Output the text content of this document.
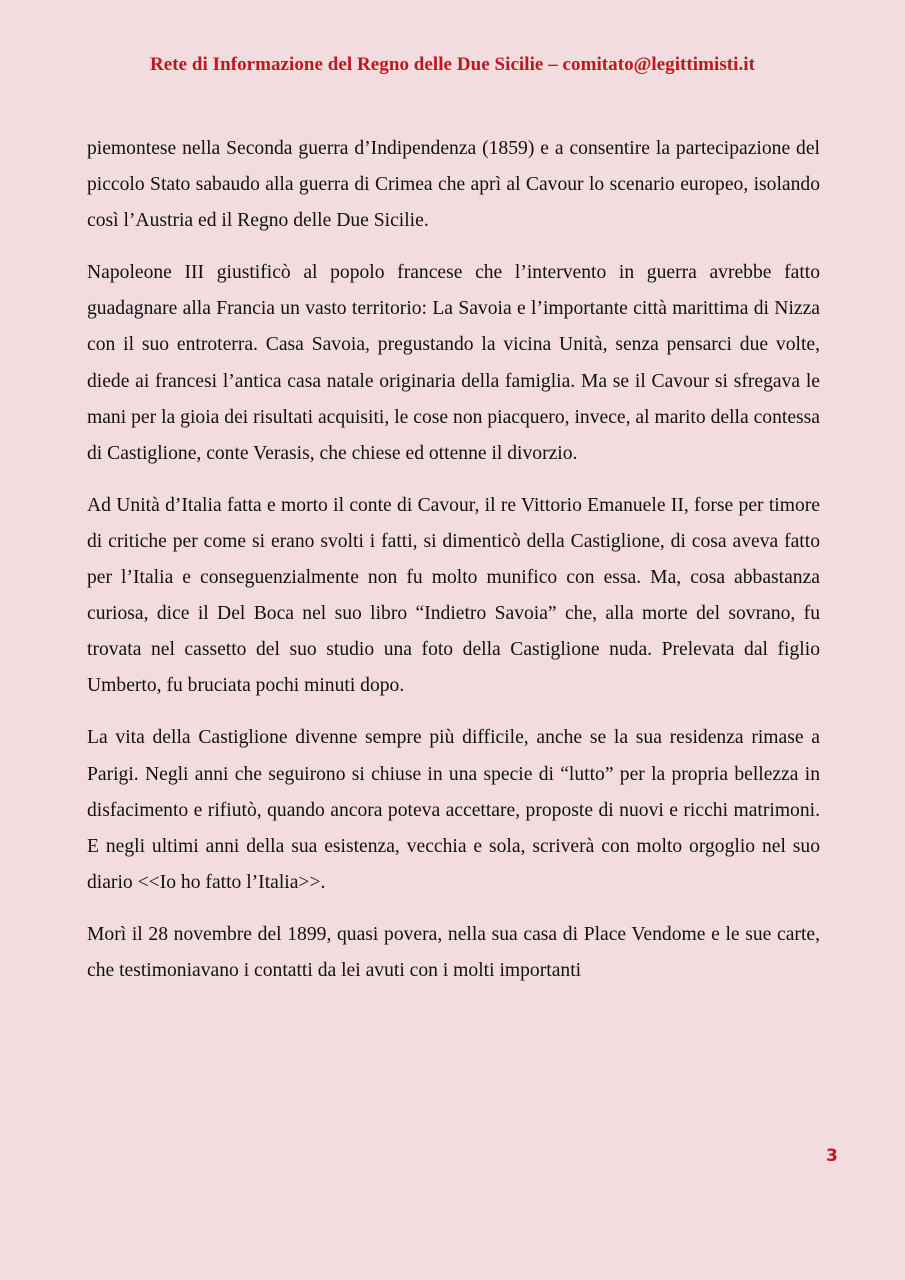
Rete di Informazione del Regno delle Due Sicilie – comitato@legittimisti.it

piemontese nella Seconda guerra d’Indipendenza (1859) e a consentire la partecipazione del piccolo Stato sabaudo alla guerra di Crimea che aprì al Cavour lo scenario europeo, isolando così l’Austria ed il Regno delle Due Sicilie.

Napoleone III giustificò al popolo francese che l’intervento in guerra avrebbe fatto guadagnare alla Francia un vasto territorio: La Savoia e l’importante città marittima di Nizza con il suo entroterra. Casa Savoia, pregustando la vicina Unità, senza pensarci due volte, diede ai francesi l’antica casa natale originaria della famiglia. Ma se il Cavour si sfregava le mani per la gioia dei risultati acquisiti, le cose non piacquero, invece, al marito della contessa di Castiglione, conte Verasis, che chiese ed ottenne il divorzio.

Ad Unità d’Italia fatta e morto il conte di Cavour, il re Vittorio Emanuele II, forse per timore di critiche per come si erano svolti i fatti, si dimenticò della Castiglione, di cosa aveva fatto per l’Italia e conseguenzialmente non fu molto munifico con essa. Ma, cosa abbastanza curiosa, dice il Del Boca nel suo libro “Indietro Savoia” che, alla morte del sovrano, fu trovata nel cassetto del suo studio una foto della Castiglione nuda. Prelevata dal figlio Umberto, fu bruciata pochi minuti dopo.

La vita della Castiglione divenne sempre più difficile, anche se la sua residenza rimase a Parigi. Negli anni che seguirono si chiuse in una specie di “lutto” per la propria bellezza in disfacimento e rifiutò, quando ancora poteva accettare, proposte di nuovi e ricchi matrimoni. E negli ultimi anni della sua esistenza, vecchia e sola, scriverà con molto orgoglio nel suo diario <<Io ho fatto l’Italia>>.

Morì il 28 novembre del 1899, quasi povera, nella sua casa di Place Vendome e le sue carte, che testimoniavano i contatti da lei avuti con i molti importanti

3
